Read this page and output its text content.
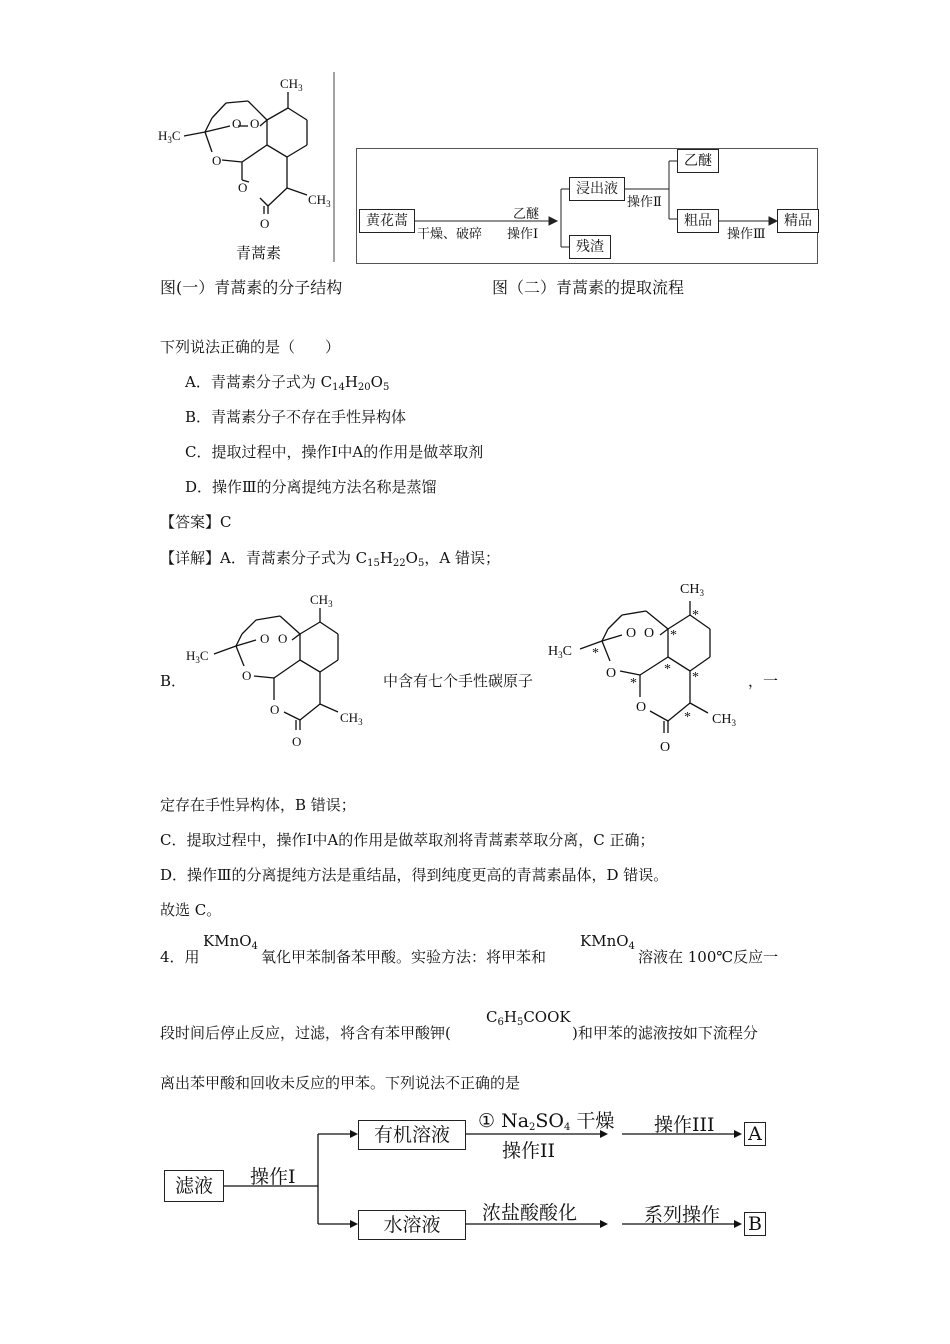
$CH_3$
$H_3C$
$CH_3$
O
O
O
O
O
青蒿素
黄花蒿
干燥、破碎
乙醚
操作Ⅰ
浸出液
残渣
操作Ⅱ
乙醚
粗品
操作Ⅲ
精品
图(一）青蒿素的分子结构	图（二）青蒿素的提取流程
下列说法正确的是（　　）
A．青蒿素分子式为 $C_{14}H_{20}O_5$
B．青蒿素分子不存在手性异构体
C．提取过程中，操作Ⅰ中A的作用是做萃取剂
D．操作Ⅲ的分离提纯方法名称是蒸馏
【答案】C
【详解】A．青蒿素分子式为 $C_{15}H_{22}O_5$，A 错误；
B．
$CH_3$
$H_3C$
$CH_3$
O
O
O
O
O
中含有七个手性碳原子
$CH_3$
$H_3C$
$CH_3$
O
O
O
O
O
*
*
*
*
*
*
*
，一
定存在手性异构体，B 错误；
C．提取过程中，操作Ⅰ中A的作用是做萃取剂将青蒿素萃取分离，C 正确；
D．操作Ⅲ的分离提纯方法是重结晶，得到纯度更高的青蒿素晶体，D 错误。
故选 C。
4．用
KMnO$_4$
氧化甲苯制备苯甲酸。实验方法：将甲苯和
KMnO$_4$
溶液在 100℃反应一
段时间后停止反应，过滤，将含有苯甲酸钾(
$C_6H_5COOK$
)和甲苯的滤液按如下流程分
离出苯甲酸和回收未反应的甲苯。下列说法不正确的是
滤液	操作I
有机溶液
水溶液
① $Na_2SO_4$ 干燥
操作II
操作III
浓盐酸酸化	系列操作
A
B
